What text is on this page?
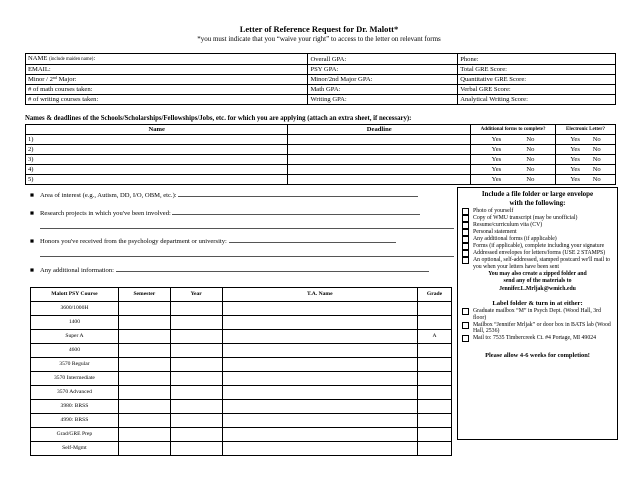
Letter of Reference Request for Dr. Malott*
*you must indicate that you “waive your right” to access to the letter on relevant forms
NAME (include maiden name):	Overall GPA:	Phone:
EMAIL:	PSY GPA:	Total GRE Score:
Minor / 2nd Major:	Minor/2nd Major GPA:	Quantitative GRE Score:
# of math courses taken:	Math GPA:	Verbal GRE Score:
# of writing courses taken:	Writing GPA:	Analytical Writing Score:
Names & deadlines of the Schools/Scholarships/Fellowships/Jobs, etc. for which you are applying (attach an extra sheet, if necessary):
Name	Deadline	Additional forms to complete?	Electronic Letter?
1)		Yes No	Yes No

2)		Yes No	Yes No

3)		Yes No	Yes No

4)		Yes No	Yes No

5)		Yes No	Yes No
■ Area of interest (e.g., Autism, DD, I/O, OBM, etc.):
■ Research projects in which you've been involved:
■ Honors you've received from the psychology department or university:
■ Any additional information:
Malott PSY Course	Semester	Year	T.A. Name	Grade
3600/1000H				
1400				
Super A				A
4600				
3570 Regular				
3570 Intermediate				
3570 Advanced				
3980: BRSS				
4990: BRSS				
Grad/GRE Prep				
Self-Mgmt				
Include a file folder or large envelope
with the following:
Photo of yourself
Copy of WMU transcript (may be unofficial)
Resume/curriculum vita (CV)
Personal statement
Any additional forms (if applicable)
Forms (if applicable), complete including your signature
Addressed envelopes for letters/forms (USE 2 STAMPS)
An optional, self-addressed, stamped postcard we'll mail to you when your letters have been sent
You may also create a zipped folder and
send any of the materials to
Jennifer.L.Mrljak@wmich.edu
Label folder & turn in at either:
Graduate mailbox “M” in Psych Dept. (Wood Hall, 3rd floor)
Mailbox “Jennifer Mrljak” or door box in BATS lab (Wood Hall, 2536)
Mail to: 7535 Timbercreek Ct. #4 Portage, MI 49024
Please allow 4-6 weeks for completion!
